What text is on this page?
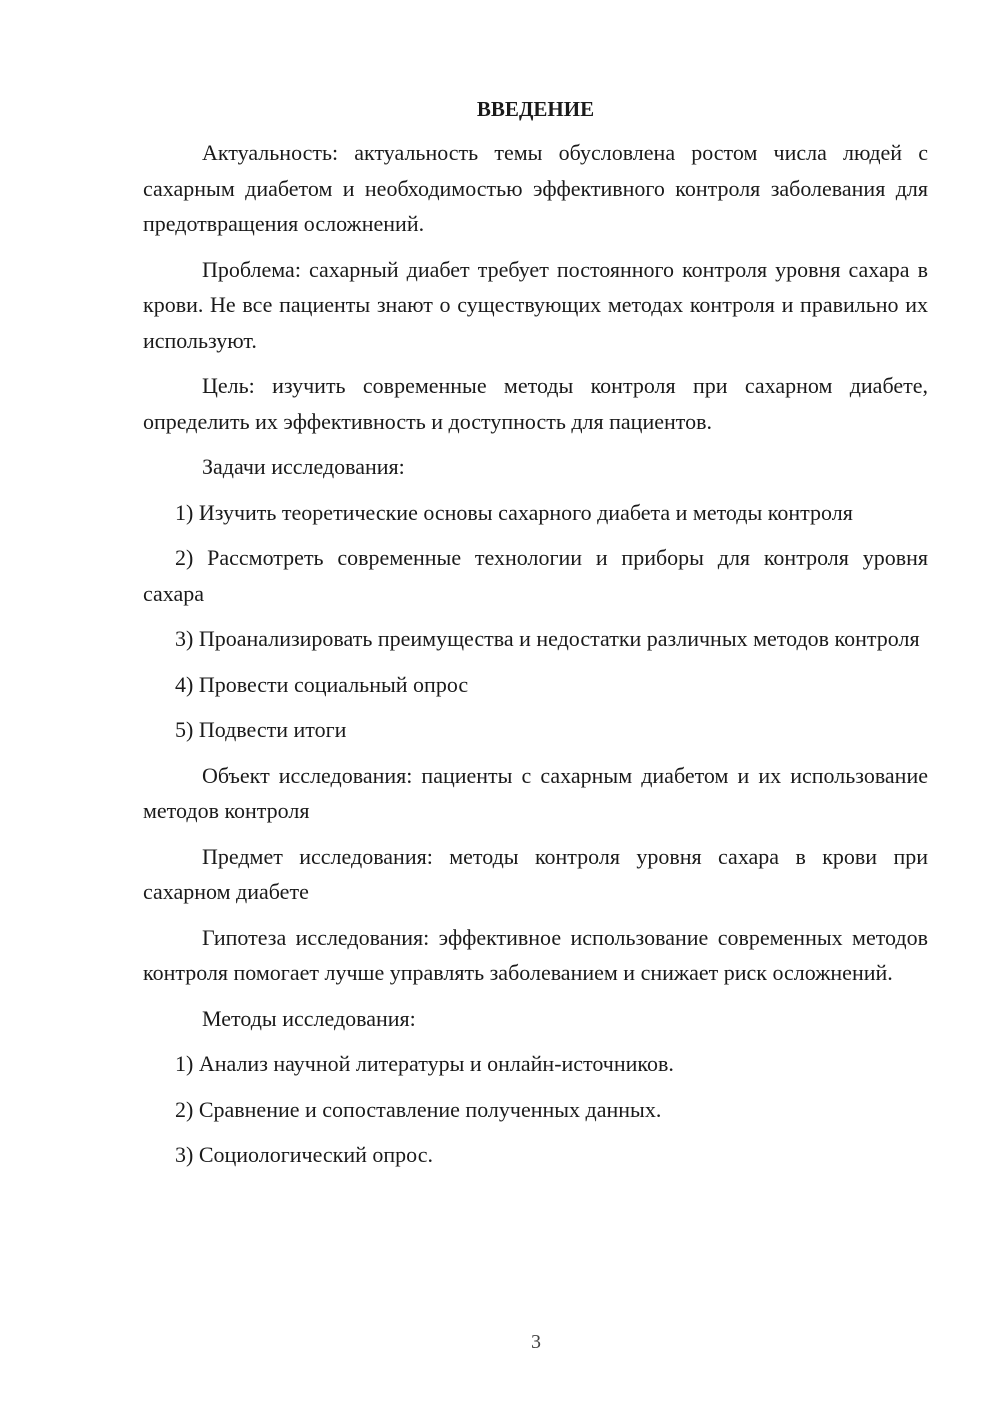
ВВЕДЕНИЕ

Актуальность: актуальность темы обусловлена ростом числа людей с сахарным диабетом и необходимостью эффективного контроля заболевания для предотвращения осложнений.

Проблема: сахарный диабет требует постоянного контроля уровня сахара в крови. Не все пациенты знают о существующих методах контроля и правильно их используют.

Цель: изучить современные методы контроля при сахарном диабете, определить их эффективность и доступность для пациентов.

Задачи исследования:

1) Изучить теоретические основы сахарного диабета и методы контроля

2) Рассмотреть современные технологии и приборы для контроля уровня сахара

3) Проанализировать преимущества и недостатки различных методов контроля

4) Провести социальный опрос

5) Подвести итоги

Объект исследования: пациенты с сахарным диабетом и их использование методов контроля

Предмет исследования: методы контроля уровня сахара в крови при сахарном диабете

Гипотеза исследования: эффективное использование современных методов контроля помогает лучше управлять заболеванием и снижает риск осложнений.

Методы исследования:

1) Анализ научной литературы и онлайн-источников.

2) Сравнение и сопоставление полученных данных.

3) Социологический опрос.

3
